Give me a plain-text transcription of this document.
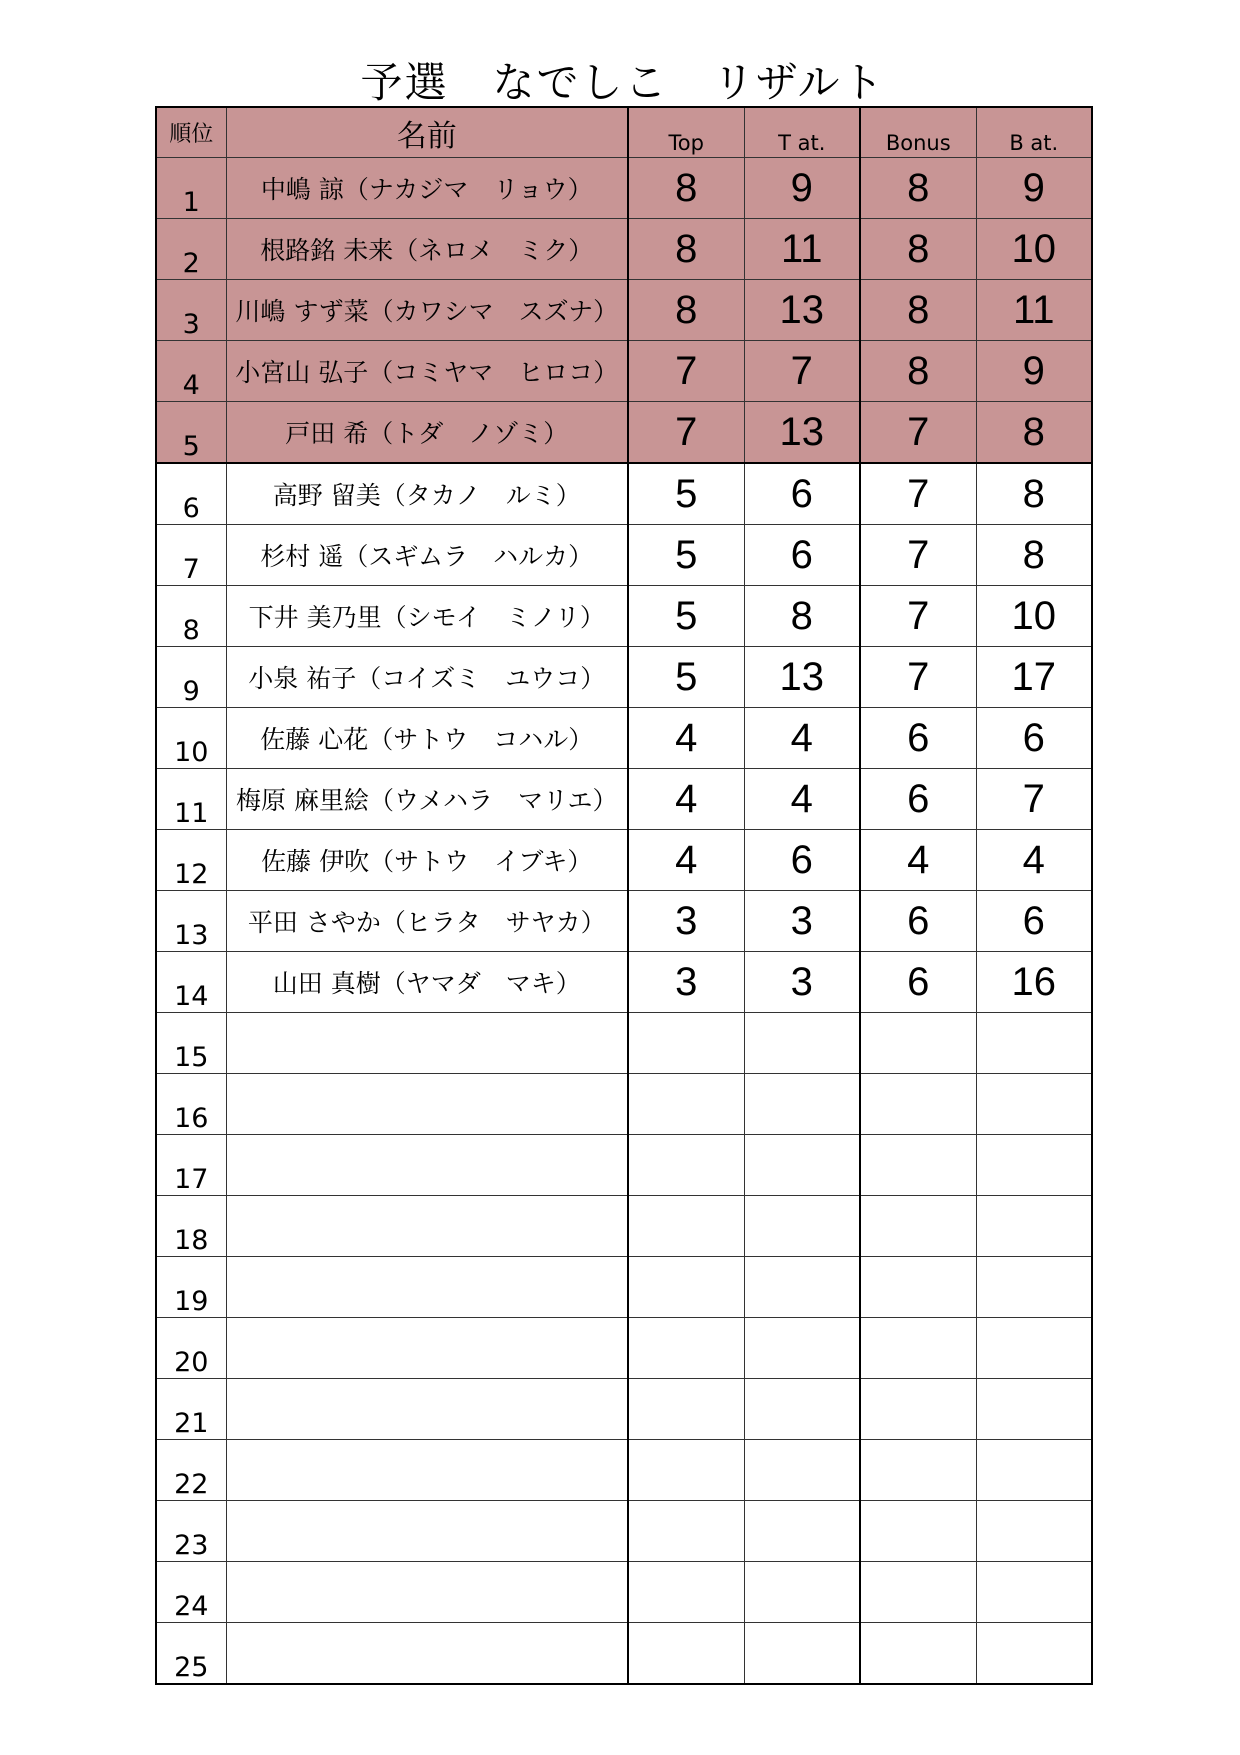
予選　なでしこ　リザルト
順位	名前	Top	T at.	Bonus	B at.
1	中嶋 諒（ナカジマ　リョウ）	8	9	8	9
2	根路銘 未来（ネロメ　ミク）	8	11	8	10
3	川嶋 すず菜（カワシマ　スズナ）	8	13	8	11
4	小宮山 弘子（コミヤマ　ヒロコ）	7	7	8	9
5	戸田 希（トダ　ノゾミ）	7	13	7	8
6	高野 留美（タカノ　ルミ）	5	6	7	8
7	杉村 遥（スギムラ　ハルカ）	5	6	7	8
8	下井 美乃里（シモイ　ミノリ）	5	8	7	10
9	小泉 祐子（コイズミ　ユウコ）	5	13	7	17
10	佐藤 心花（サトウ　コハル）	4	4	6	6
11	梅原 麻里絵（ウメハラ　マリエ）	4	4	6	7
12	佐藤 伊吹（サトウ　イブキ）	4	6	4	4
13	平田 さやか（ヒラタ　サヤカ）	3	3	6	6
14	山田 真樹（ヤマダ　マキ）	3	3	6	16
15					
16					
17					
18					
19					
20					
21					
22					
23					
24					
25					
